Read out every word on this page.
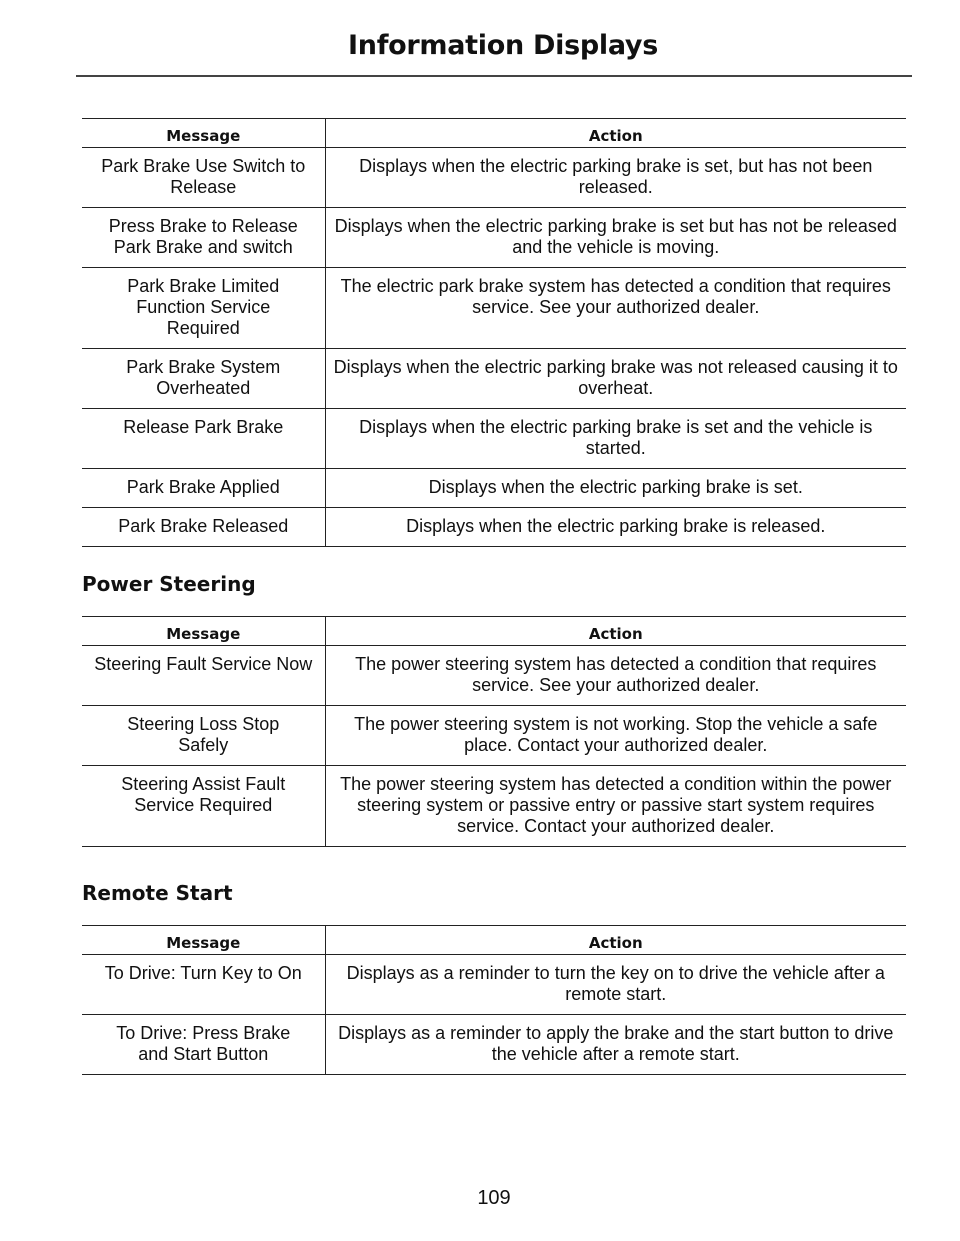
Information Displays
Message	Action
Park Brake Use Switch to Release	Displays when the electric parking brake is set, but has not been released.
Press Brake to Release Park Brake and switch	Displays when the electric parking brake is set but has not be released and the vehicle is moving.
Park Brake Limited Function Service Required	The electric park brake system has detected a condition that requires service. See your authorized dealer.
Park Brake System Overheated	Displays when the electric parking brake was not released causing it to overheat.
Release Park Brake	Displays when the electric parking brake is set and the vehicle is started.
Park Brake Applied	Displays when the electric parking brake is set.
Park Brake Released	Displays when the electric parking brake is released.
Power Steering
Message	Action
Steering Fault Service Now	The power steering system has detected a condition that requires service. See your authorized dealer.
Steering Loss Stop Safely	The power steering system is not working. Stop the vehicle a safe place. Contact your authorized dealer.
Steering Assist Fault Service Required	The power steering system has detected a condition within the power steering system or passive entry or passive start system requires service. Contact your authorized dealer.
Remote Start
Message	Action
To Drive: Turn Key to On	Displays as a reminder to turn the key on to drive the vehicle after a remote start.
To Drive: Press Brake and Start Button	Displays as a reminder to apply the brake and the start button to drive the vehicle after a remote start.
109
